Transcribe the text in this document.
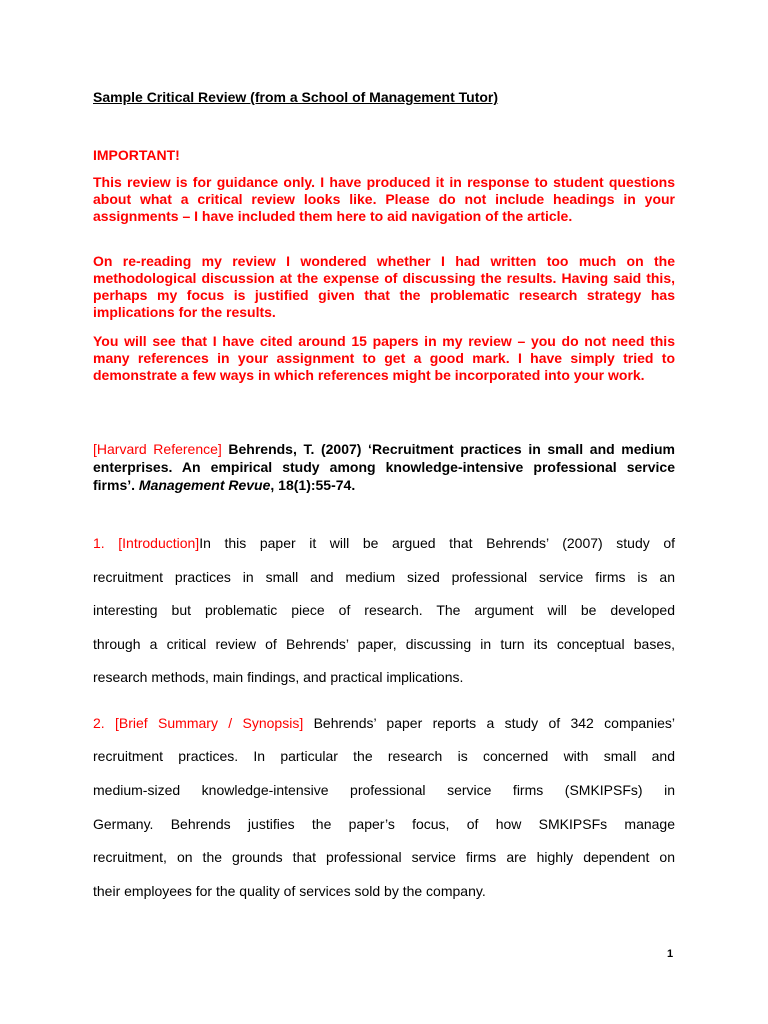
Sample Critical Review (from a School of Management Tutor)
IMPORTANT!
This review is for guidance only. I have produced it in response to student questions about what a critical review looks like. Please do not include headings in your assignments – I have included them here to aid navigation of the article.
On re-reading my review I wondered whether I had written too much on the methodological discussion at the expense of discussing the results. Having said this, perhaps my focus is justified given that the problematic research strategy has implications for the results.
You will see that I have cited around 15 papers in my review – you do not need this many references in your assignment to get a good mark. I have simply tried to demonstrate a few ways in which references might be incorporated into your work.
[Harvard Reference] Behrends, T. (2007) ‘Recruitment practices in small and medium enterprises. An empirical study among knowledge-intensive professional service firms’. Management Revue, 18(1):55-74.
1. [Introduction]In this paper it will be argued that Behrends’ (2007) study of
recruitment practices in small and medium sized professional service firms is an
interesting but problematic piece of research. The argument will be developed
through a critical review of Behrends’ paper, discussing in turn its conceptual bases,
research methods, main findings, and practical implications.
2. [Brief Summary / Synopsis] Behrends’ paper reports a study of 342 companies’
recruitment practices. In particular the research is concerned with small and
medium-sized knowledge-intensive professional service firms (SMKIPSFs) in
Germany. Behrends justifies the paper’s focus, of how SMKIPSFs manage
recruitment, on the grounds that professional service firms are highly dependent on
their employees for the quality of services sold by the company.
1
